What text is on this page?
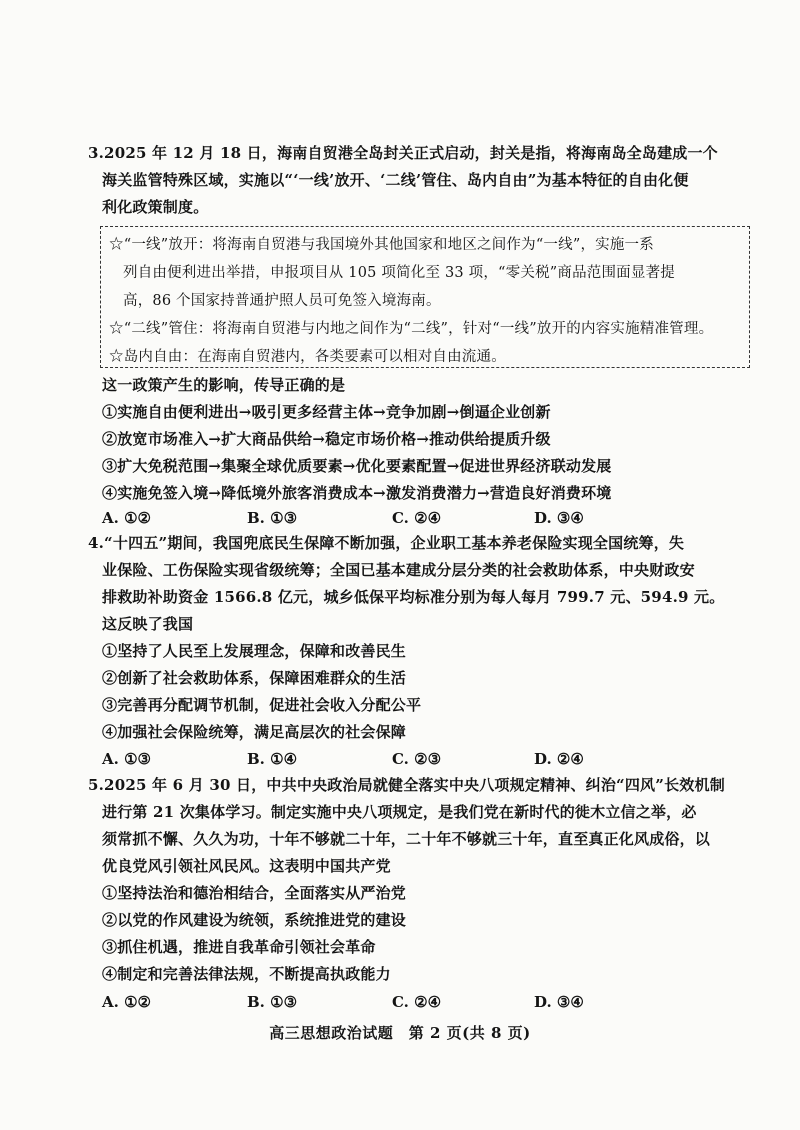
3.2025 年 12 月 18 日，海南自贸港全岛封关正式启动，封关是指，将海南岛全岛建成一个
海关监管特殊区域，实施以“‘一线’放开、‘二线’管住、岛内自由”为基本特征的自由化便
利化政策制度。
☆“一线”放开：将海南自贸港与我国境外其他国家和地区之间作为“一线”，实施一系
列自由便利进出举措，申报项目从 105 项简化至 33 项，“零关税”商品范围面显著提
高，86 个国家持普通护照人员可免签入境海南。
☆“二线”管住：将海南自贸港与内地之间作为“二线”，针对“一线”放开的内容实施精准管理。
☆岛内自由：在海南自贸港内，各类要素可以相对自由流通。
这一政策产生的影响，传导正确的是
①实施自由便利进出→吸引更多经营主体→竞争加剧→倒逼企业创新
②放宽市场准入→扩大商品供给→稳定市场价格→推动供给提质升级
③扩大免税范围→集聚全球优质要素→优化要素配置→促进世界经济联动发展
④实施免签入境→降低境外旅客消费成本→激发消费潜力→营造良好消费环境
A. ①②	B. ①③	C. ②④	D. ③④
4.“十四五”期间，我国兜底民生保障不断加强，企业职工基本养老保险实现全国统筹，失
业保险、工伤保险实现省级统筹；全国已基本建成分层分类的社会救助体系，中央财政安
排救助补助资金 1566.8 亿元，城乡低保平均标准分别为每人每月 799.7 元、594.9 元。
这反映了我国
①坚持了人民至上发展理念，保障和改善民生
②创新了社会救助体系，保障困难群众的生活
③完善再分配调节机制，促进社会收入分配公平
④加强社会保险统筹，满足高层次的社会保障
A. ①③	B. ①④	C. ②③	D. ②④
5.2025 年 6 月 30 日，中共中央政治局就健全落实中央八项规定精神、纠治“四风”长效机制
进行第 21 次集体学习。制定实施中央八项规定，是我们党在新时代的徙木立信之举，必
须常抓不懈、久久为功，十年不够就二十年，二十年不够就三十年，直至真正化风成俗，以
优良党风引领社风民风。这表明中国共产党
①坚持法治和德治相结合，全面落实从严治党
②以党的作风建设为统领，系统推进党的建设
③抓住机遇，推进自我革命引领社会革命
④制定和完善法律法规，不断提高执政能力
A. ①②	B. ①③	C. ②④	D. ③④
高三思想政治试题　第 2 页(共 8 页)
